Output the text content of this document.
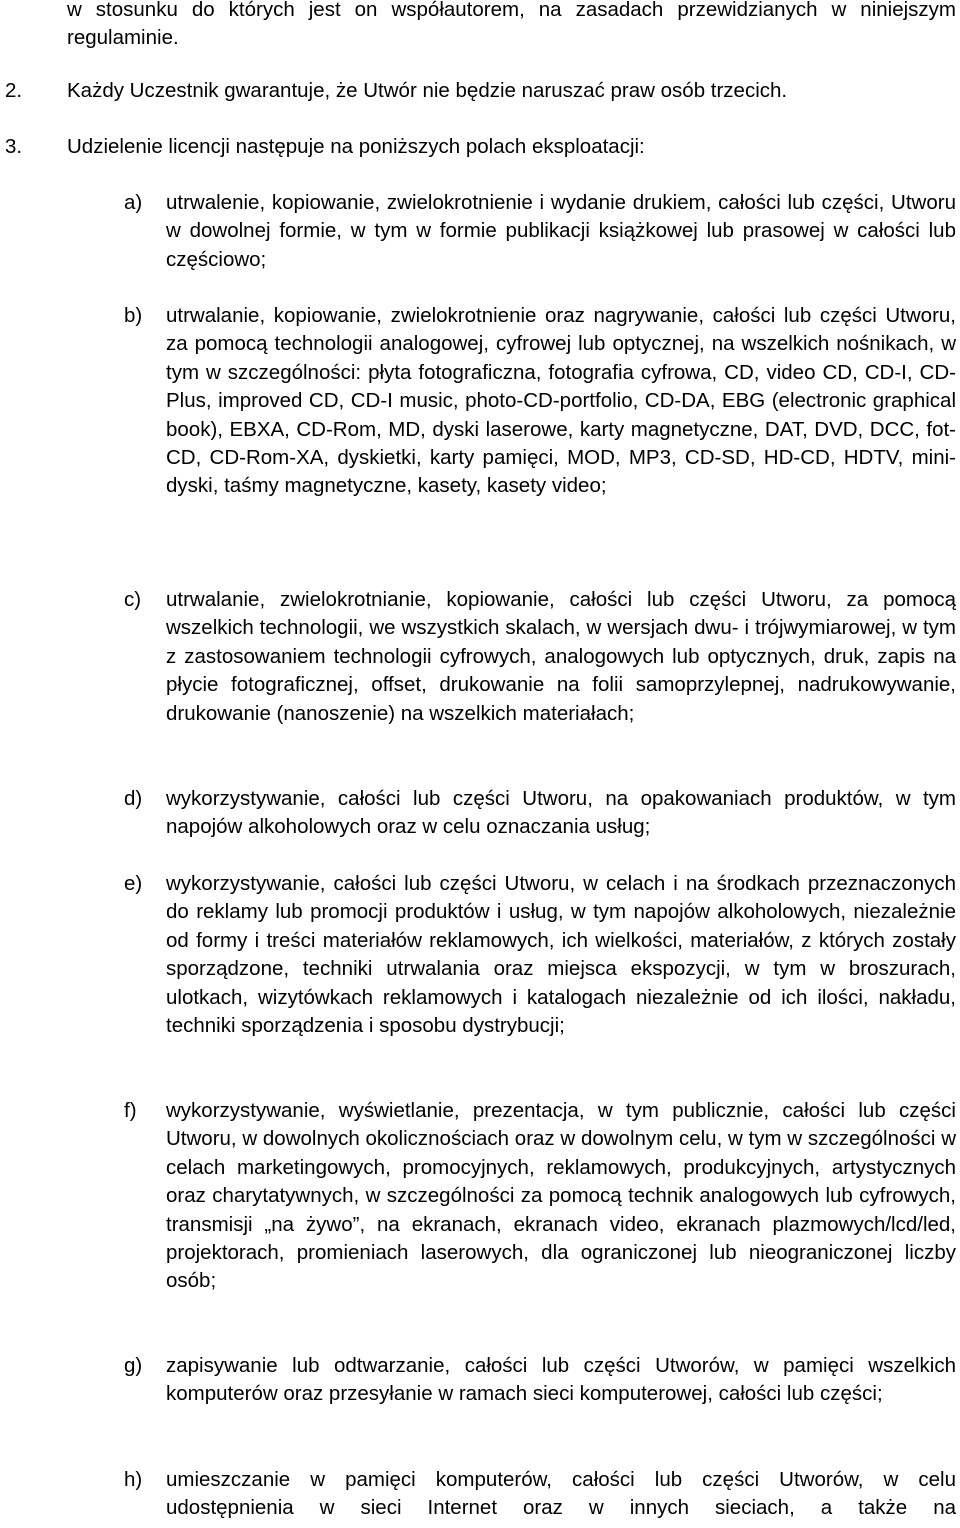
w stosunku do których jest on współautorem, na zasadach przewidzianych w niniejszym regulaminie.

2. Każdy Uczestnik gwarantuje, że Utwór nie będzie naruszać praw osób trzecich.

3. Udzielenie licencji następuje na poniższych polach eksploatacji:

a) utrwalenie, kopiowanie, zwielokrotnienie i wydanie drukiem, całości lub części, Utworu w dowolnej formie, w tym w formie publikacji książkowej lub prasowej w całości lub częściowo;

b) utrwalanie, kopiowanie, zwielokrotnienie oraz nagrywanie, całości lub części Utworu, za pomocą technologii analogowej, cyfrowej lub optycznej, na wszelkich nośnikach, w tym w szczególności: płyta fotograficzna, fotografia cyfrowa, CD, video CD, CD-I, CD-Plus, improved CD, CD-I music, photo-CD-portfolio, CD-DA, EBG (electronic graphical book), EBXA, CD-Rom, MD, dyski laserowe, karty magnetyczne, DAT, DVD, DCC, fot-CD, CD-Rom-XA, dyskietki, karty pamięci, MOD, MP3, CD-SD, HD-CD, HDTV, mini-dyski, taśmy magnetyczne, kasety, kasety video;

c) utrwalanie, zwielokrotnianie, kopiowanie, całości lub części Utworu, za pomocą wszelkich technologii, we wszystkich skalach, w wersjach dwu- i trójwymiarowej, w tym z zastosowaniem technologii cyfrowych, analogowych lub optycznych, druk, zapis na płycie fotograficznej, offset, drukowanie na folii samoprzylepnej, nadrukowywanie, drukowanie (nanoszenie) na wszelkich materiałach;

d) wykorzystywanie, całości lub części Utworu, na opakowaniach produktów, w tym napojów alkoholowych oraz w celu oznaczania usług;

e) wykorzystywanie, całości lub części Utworu, w celach i na środkach przeznaczonych do reklamy lub promocji produktów i usług, w tym napojów alkoholowych, niezależnie od formy i treści materiałów reklamowych, ich wielkości, materiałów, z których zostały sporządzone, techniki utrwalania oraz miejsca ekspozycji, w tym w broszurach, ulotkach, wizytówkach reklamowych i katalogach niezależnie od ich ilości, nakładu, techniki sporządzenia i sposobu dystrybucji;

f) wykorzystywanie, wyświetlanie, prezentacja, w tym publicznie, całości lub części Utworu, w dowolnych okolicznościach oraz w dowolnym celu, w tym w szczególności w celach marketingowych, promocyjnych, reklamowych, produkcyjnych, artystycznych oraz charytatywnych, w szczególności za pomocą technik analogowych lub cyfrowych, transmisji „na żywo”, na ekranach, ekranach video, ekranach plazmowych/lcd/led, projektorach, promieniach laserowych, dla ograniczonej lub nieograniczonej liczby osób;

g) zapisywanie lub odtwarzanie, całości lub części Utworów, w pamięci wszelkich komputerów oraz przesyłanie w ramach sieci komputerowej, całości lub części;

h) umieszczanie w pamięci komputerów, całości lub części Utworów, w celu udostępnienia w sieci Internet oraz w innych sieciach, a także na
